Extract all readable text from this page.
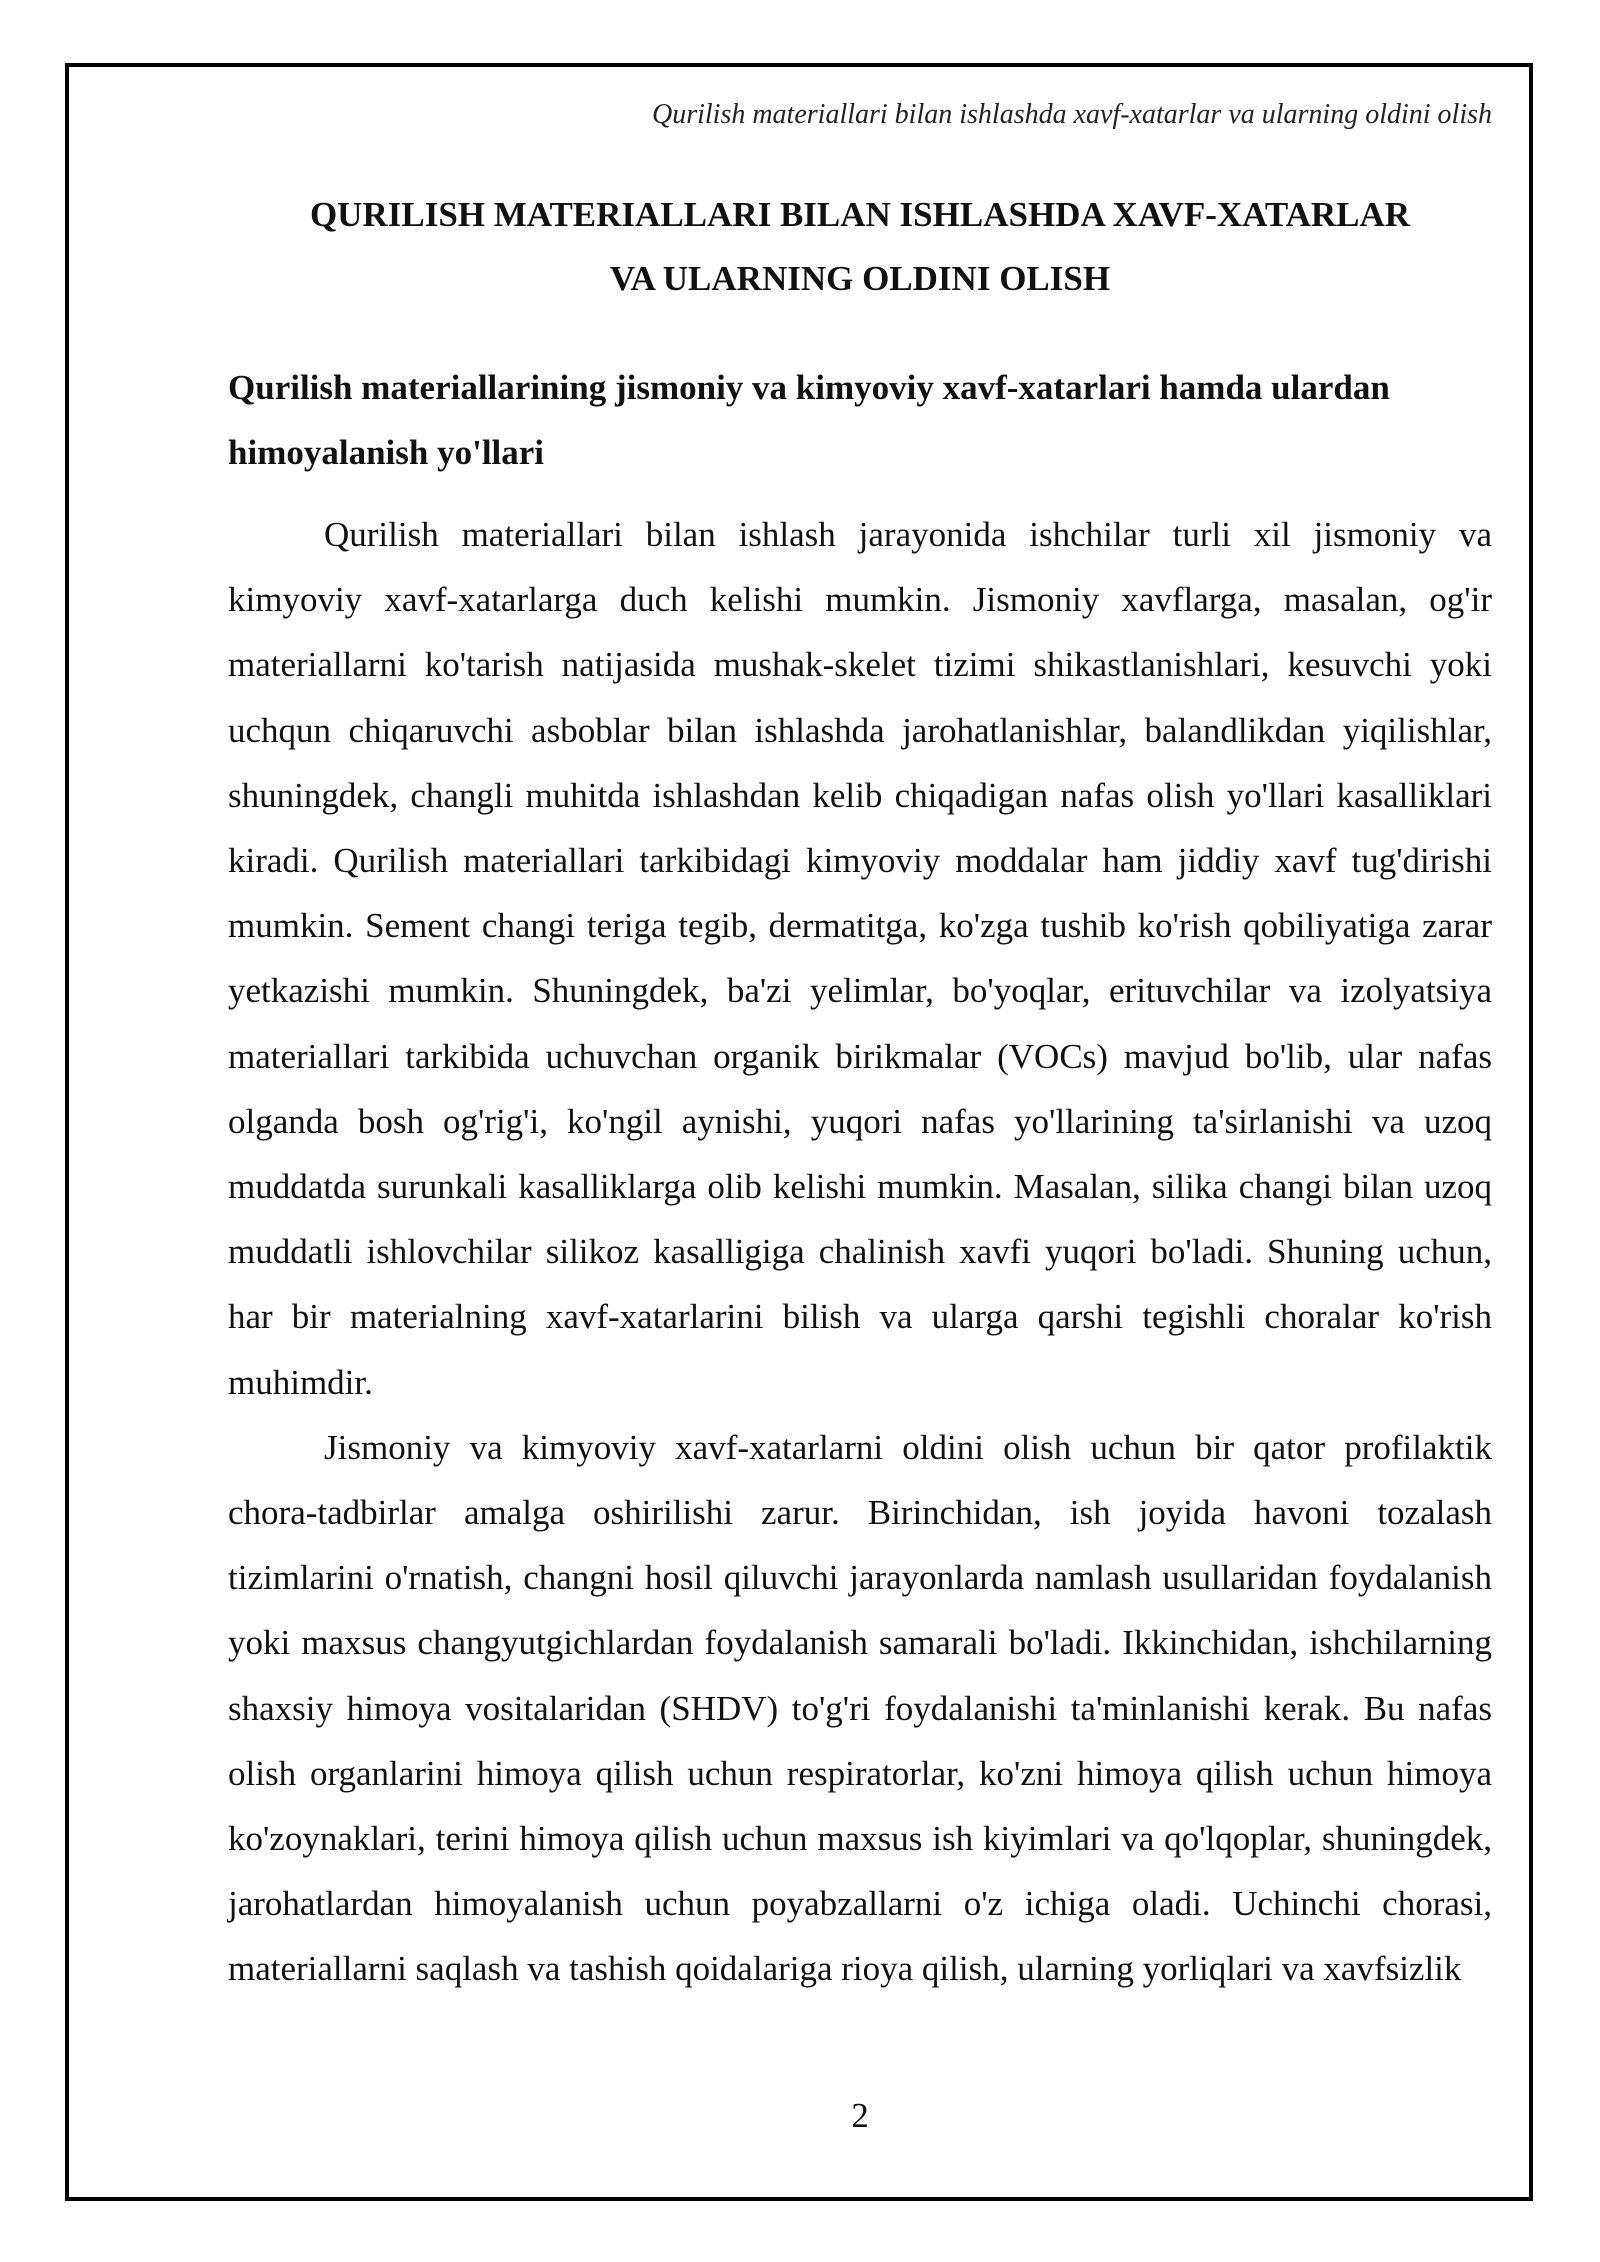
Qurilish materiallari bilan ishlashda xavf-xatarlar va ularning oldini olish
QURILISH MATERIALLARI BILAN ISHLASHDA XAVF-XATARLAR
VA ULARNING OLDINI OLISH
Qurilish materiallarining jismoniy va kimyoviy xavf-xatarlari hamda ulardan himoyalanish yo'llari

Qurilish materiallari bilan ishlash jarayonida ishchilar turli xil jismoniy va kimyoviy xavf-xatarlarga duch kelishi mumkin. Jismoniy xavflarga, masalan, og'ir materiallarni ko'tarish natijasida mushak-skelet tizimi shikastlanishlari, kesuvchi yoki uchqun chiqaruvchi asboblar bilan ishlashda jarohatlanishlar, balandlikdan yiqilishlar, shuningdek, changli muhitda ishlashdan kelib chiqadigan nafas olish yo'llari kasalliklari kiradi. Qurilish materiallari tarkibidagi kimyoviy moddalar ham jiddiy xavf tug'dirishi mumkin. Sement changi teriga tegib, dermatitga, ko'zga tushib ko'rish qobiliyatiga zarar yetkazishi mumkin. Shuningdek, ba'zi yelimlar, bo'yoqlar, erituvchilar va izolyatsiya materiallari tarkibida uchuvchan organik birikmalar (VOCs) mavjud bo'lib, ular nafas olganda bosh og'rig'i, ko'ngil aynishi, yuqori nafas yo'llarining ta'sirlanishi va uzoq muddatda surunkali kasalliklarga olib kelishi mumkin. Masalan, silika changi bilan uzoq muddatli ishlovchilar silikoz kasalligiga chalinish xavfi yuqori bo'ladi. Shuning uchun, har bir materialning xavf-xatarlarini bilish va ularga qarshi tegishli choralar ko'rish muhimdir.

Jismoniy va kimyoviy xavf-xatarlarni oldini olish uchun bir qator profilaktik chora-tadbirlar amalga oshirilishi zarur. Birinchidan, ish joyida havoni tozalash tizimlarini o'rnatish, changni hosil qiluvchi jarayonlarda namlash usullaridan foydalanish yoki maxsus changyutgichlardan foydalanish samarali bo'ladi. Ikkinchidan, ishchilarning shaxsiy himoya vositalaridan (SHDV) to'g'ri foydalanishi ta'minlanishi kerak. Bu nafas olish organlarini himoya qilish uchun respiratorlar, ko'zni himoya qilish uchun himoya ko'zoynaklari, terini himoya qilish uchun maxsus ish kiyimlari va qo'lqoplar, shuningdek, jarohatlardan himoyalanish uchun poyabzallarni o'z ichiga oladi. Uchinchi chorasi, materiallarni saqlash va tashish qoidalariga rioya qilish, ularning yorliqlari va xavfsizlik

2
